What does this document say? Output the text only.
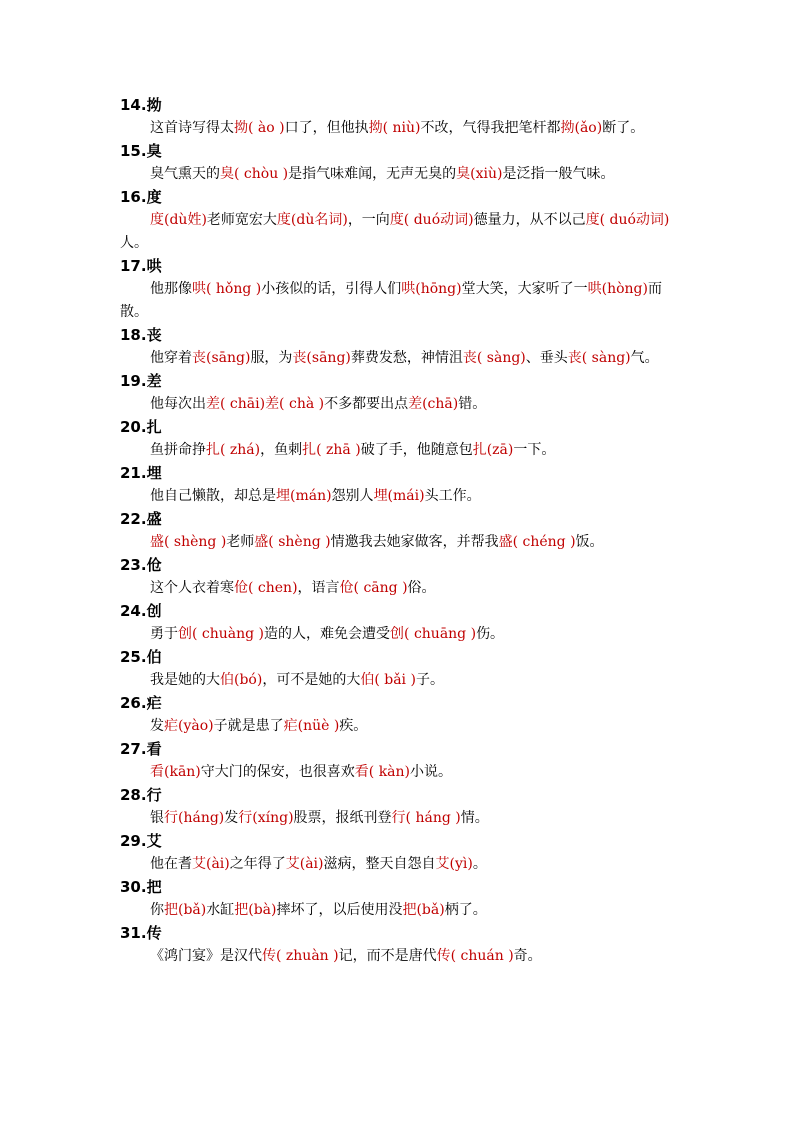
14.拗
这首诗写得太拗( ào )口了，但他执拗( niù)不改，气得我把笔杆都拗(ǎo)断了。
15.臭
臭气熏天的臭( chòu )是指气味难闻，无声无臭的臭(xiù)是泛指一般气味。
16.度
度(dù姓)老师宽宏大度(dù名词)，一向度( duó动词)德量力，从不以己度( duó动词)人。
17.哄
他那像哄( hǒng )小孩似的话，引得人们哄(hōng)堂大笑，大家听了一哄(hòng)而散。
18.丧
他穿着丧(sāng)服，为丧(sāng)葬费发愁，神情沮丧( sàng)、垂头丧( sàng)气。
19.差
他每次出差( chāi)差( chà )不多都要出点差(chā)错。
20.扎
鱼拼命挣扎( zhá)，鱼刺扎( zhā )破了手，他随意包扎(zā)一下。
21.埋
他自己懒散，却总是埋(mán)怨别人埋(mái)头工作。
22.盛
盛( shèng )老师盛( shèng )情邀我去她家做客，并帮我盛( chéng )饭。
23.伧
这个人衣着寒伧( chen)，语言伧( cāng )俗。
24.创
勇于创( chuàng )造的人，难免会遭受创( chuāng )伤。
25.伯
我是她的大伯(bó)，可不是她的大伯( bǎi )子。
26.疟
发疟(yào)子就是患了疟(nüè )疾。
27.看
看(kān)守大门的保安，也很喜欢看( kàn)小说。
28.行
银行(háng)发行(xíng)股票，报纸刊登行( háng )情。
29.艾
他在耆艾(ài)之年得了艾(ài)滋病，整天自怨自艾(yì)。
30.把
你把(bǎ)水缸把(bà)摔坏了，以后使用没把(bǎ)柄了。
31.传
《鸿门宴》是汉代传( zhuàn )记，而不是唐代传( chuán )奇。
